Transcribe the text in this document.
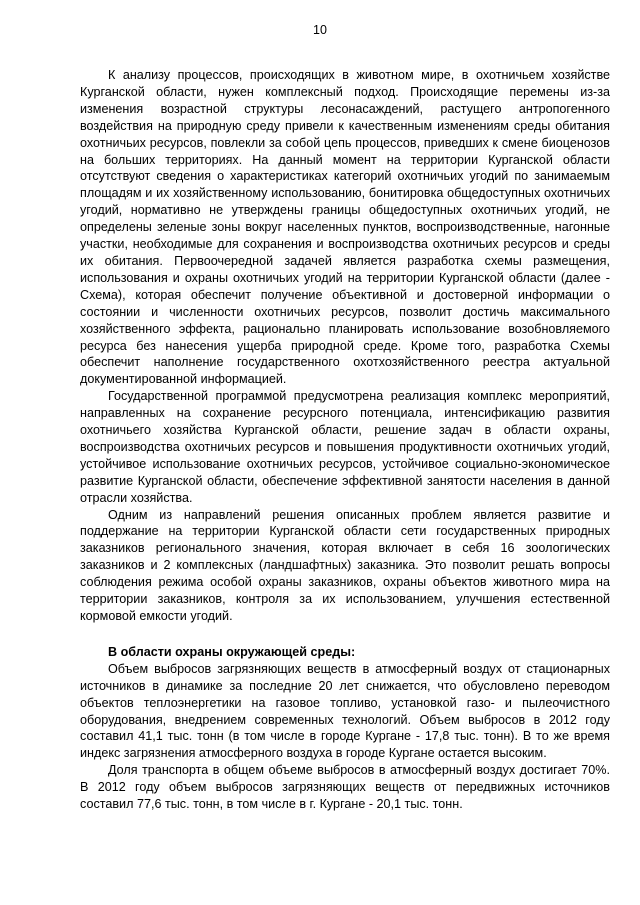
10

К анализу процессов, происходящих в животном мире, в охотничьем хозяйстве Курганской области, нужен комплексный подход. Происходящие перемены из-за изменения возрастной структуры лесонасаждений, растущего антропогенного воздействия на природную среду привели к качественным изменениям среды обитания охотничьих ресурсов, повлекли за собой цепь процессов, приведших к смене биоценозов на больших территориях. На данный момент на территории Курганской области отсутствуют сведения о характеристиках категорий охотничьих угодий по занимаемым площадям и их хозяйственному использованию, бонитировка общедоступных охотничьих угодий, нормативно не утверждены границы общедоступных охотничьих угодий, не определены зеленые зоны вокруг населенных пунктов, воспроизводственные, нагонные участки, необходимые для сохранения и воспроизводства охотничьих ресурсов и среды их обитания. Первоочередной задачей является разработка схемы размещения, использования и охраны охотничьих угодий на территории Курганской области (далее - Схема), которая обеспечит получение объективной и достоверной информации о состоянии и численности охотничьих ресурсов, позволит достичь максимального хозяйственного эффекта, рационально планировать использование возобновляемого ресурса без нанесения ущерба природной среде. Кроме того, разработка Схемы обеспечит наполнение государственного охотхозяйственного реестра актуальной документированной информацией.

Государственной программой предусмотрена реализация комплекс мероприятий, направленных на сохранение ресурсного потенциала, интенсификацию развития охотничьего хозяйства Курганской области, решение задач в области охраны, воспроизводства охотничьих ресурсов и повышения продуктивности охотничьих угодий, устойчивое использование охотничьих ресурсов, устойчивое социально-экономическое развитие Курганской области, обеспечение эффективной занятости населения в данной отрасли хозяйства.

Одним из направлений решения описанных проблем является развитие и поддержание на территории Курганской области сети государственных природных заказников регионального значения, которая включает в себя 16 зоологических заказников и 2 комплексных (ландшафтных) заказника. Это позволит решать вопросы соблюдения режима особой охраны заказников, охраны объектов животного мира на территории заказников, контроля за их использованием, улучшения естественной кормовой емкости угодий.

В области охраны окружающей среды:

Объем выбросов загрязняющих веществ в атмосферный воздух от стационарных источников в динамике за последние 20 лет снижается, что обусловлено переводом объектов теплоэнергетики на газовое топливо, установкой газо- и пылеочистного оборудования, внедрением современных технологий. Объем выбросов в 2012 году составил 41,1 тыс. тонн (в том числе в городе Кургане - 17,8 тыс. тонн). В то же время индекс загрязнения атмосферного воздуха в городе Кургане остается высоким.

Доля транспорта в общем объеме выбросов в атмосферный воздух достигает 70%. В 2012 году объем выбросов загрязняющих веществ от передвижных источников составил 77,6 тыс. тонн, в том числе в г. Кургане - 20,1 тыс. тонн.
